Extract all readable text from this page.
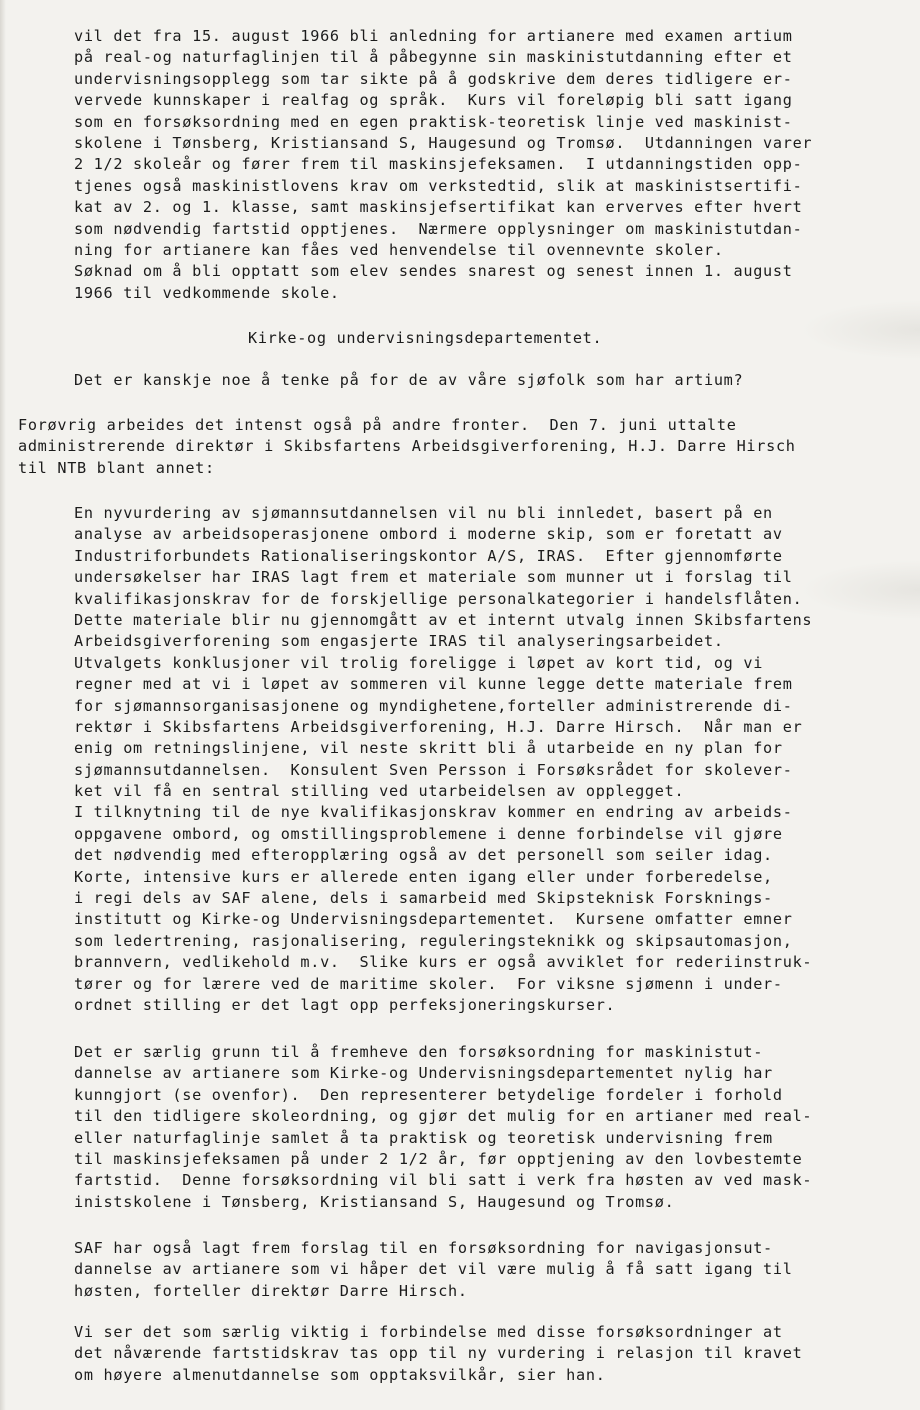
vil det fra 15. august 1966 bli anledning for artianere med examen artium
på real-og naturfaglinjen til å påbegynne sin maskinistutdanning efter et
undervisningsopplegg som tar sikte på å godskrive dem deres tidligere er-
vervede kunnskaper i realfag og språk.  Kurs vil foreløpig bli satt igang
som en forsøksordning med en egen praktisk-teoretisk linje ved maskinist-
skolene i Tønsberg, Kristiansand S, Haugesund og Tromsø.  Utdanningen varer
2 1/2 skoleår og fører frem til maskinsjefeksamen.  I utdanningstiden opp-
tjenes også maskinistlovens krav om verkstedtid, slik at maskinistsertifi-
kat av 2. og 1. klasse, samt maskinsjefsertifikat kan erverves efter hvert
som nødvendig fartstid opptjenes.  Nærmere opplysninger om maskinistutdan-
ning for artianere kan fåes ved henvendelse til ovennevnte skoler.
Søknad om å bli opptatt som elev sendes snarest og senest innen 1. august
1966 til vedkommende skole.
Kirke-og undervisningsdepartementet.
Det er kanskje noe å tenke på for de av våre sjøfolk som har artium?
Forøvrig arbeides det intenst også på andre fronter.  Den 7. juni uttalte
administrerende direktør i Skibsfartens Arbeidsgiverforening, H.J. Darre Hirsch
til NTB blant annet:
En nyvurdering av sjømannsutdannelsen vil nu bli innledet, basert på en
analyse av arbeidsoperasjonene ombord i moderne skip, som er foretatt av
Industriforbundets Rationaliseringskontor A/S, IRAS.  Efter gjennomførte
undersøkelser har IRAS lagt frem et materiale som munner ut i forslag til
kvalifikasjonskrav for de forskjellige personalkategorier i handelsflåten.
Dette materiale blir nu gjennomgått av et internt utvalg innen Skibsfartens
Arbeidsgiverforening som engasjerte IRAS til analyseringsarbeidet.
Utvalgets konklusjoner vil trolig foreligge i løpet av kort tid, og vi
regner med at vi i løpet av sommeren vil kunne legge dette materiale frem
for sjømannsorganisasjonene og myndighetene,forteller administrerende di-
rektør i Skibsfartens Arbeidsgiverforening, H.J. Darre Hirsch.  Når man er
enig om retningslinjene, vil neste skritt bli å utarbeide en ny plan for
sjømannsutdannelsen.  Konsulent Sven Persson i Forsøksrådet for skolever-
ket vil få en sentral stilling ved utarbeidelsen av opplegget.
I tilknytning til de nye kvalifikasjonskrav kommer en endring av arbeids-
oppgavene ombord, og omstillingsproblemene i denne forbindelse vil gjøre
det nødvendig med efteropplæring også av det personell som seiler idag.
Korte, intensive kurs er allerede enten igang eller under forberedelse,
i regi dels av SAF alene, dels i samarbeid med Skipsteknisk Forsknings-
institutt og Kirke-og Undervisningsdepartementet.  Kursene omfatter emner
som ledertrening, rasjonalisering, reguleringsteknikk og skipsautomasjon,
brannvern, vedlikehold m.v.  Slike kurs er også avviklet for rederiinstruk-
tører og for lærere ved de maritime skoler.  For viksne sjømenn i under-
ordnet stilling er det lagt opp perfeksjoneringskurser.
Det er særlig grunn til å fremheve den forsøksordning for maskinistut-
dannelse av artianere som Kirke-og Undervisningsdepartementet nylig har
kunngjort (se ovenfor).  Den representerer betydelige fordeler i forhold
til den tidligere skoleordning, og gjør det mulig for en artianer med real-
eller naturfaglinje samlet å ta praktisk og teoretisk undervisning frem
til maskinsjefeksamen på under 2 1/2 år, før opptjening av den lovbestemte
fartstid.  Denne forsøksordning vil bli satt i verk fra høsten av ved mask-
inistskolene i Tønsberg, Kristiansand S, Haugesund og Tromsø.
SAF har også lagt frem forslag til en forsøksordning for navigasjonsut-
dannelse av artianere som vi håper det vil være mulig å få satt igang til
høsten, forteller direktør Darre Hirsch.
Vi ser det som særlig viktig i forbindelse med disse forsøksordninger at
det nåværende fartstidskrav tas opp til ny vurdering i relasjon til kravet
om høyere almenutdannelse som opptaksvilkår, sier han.
